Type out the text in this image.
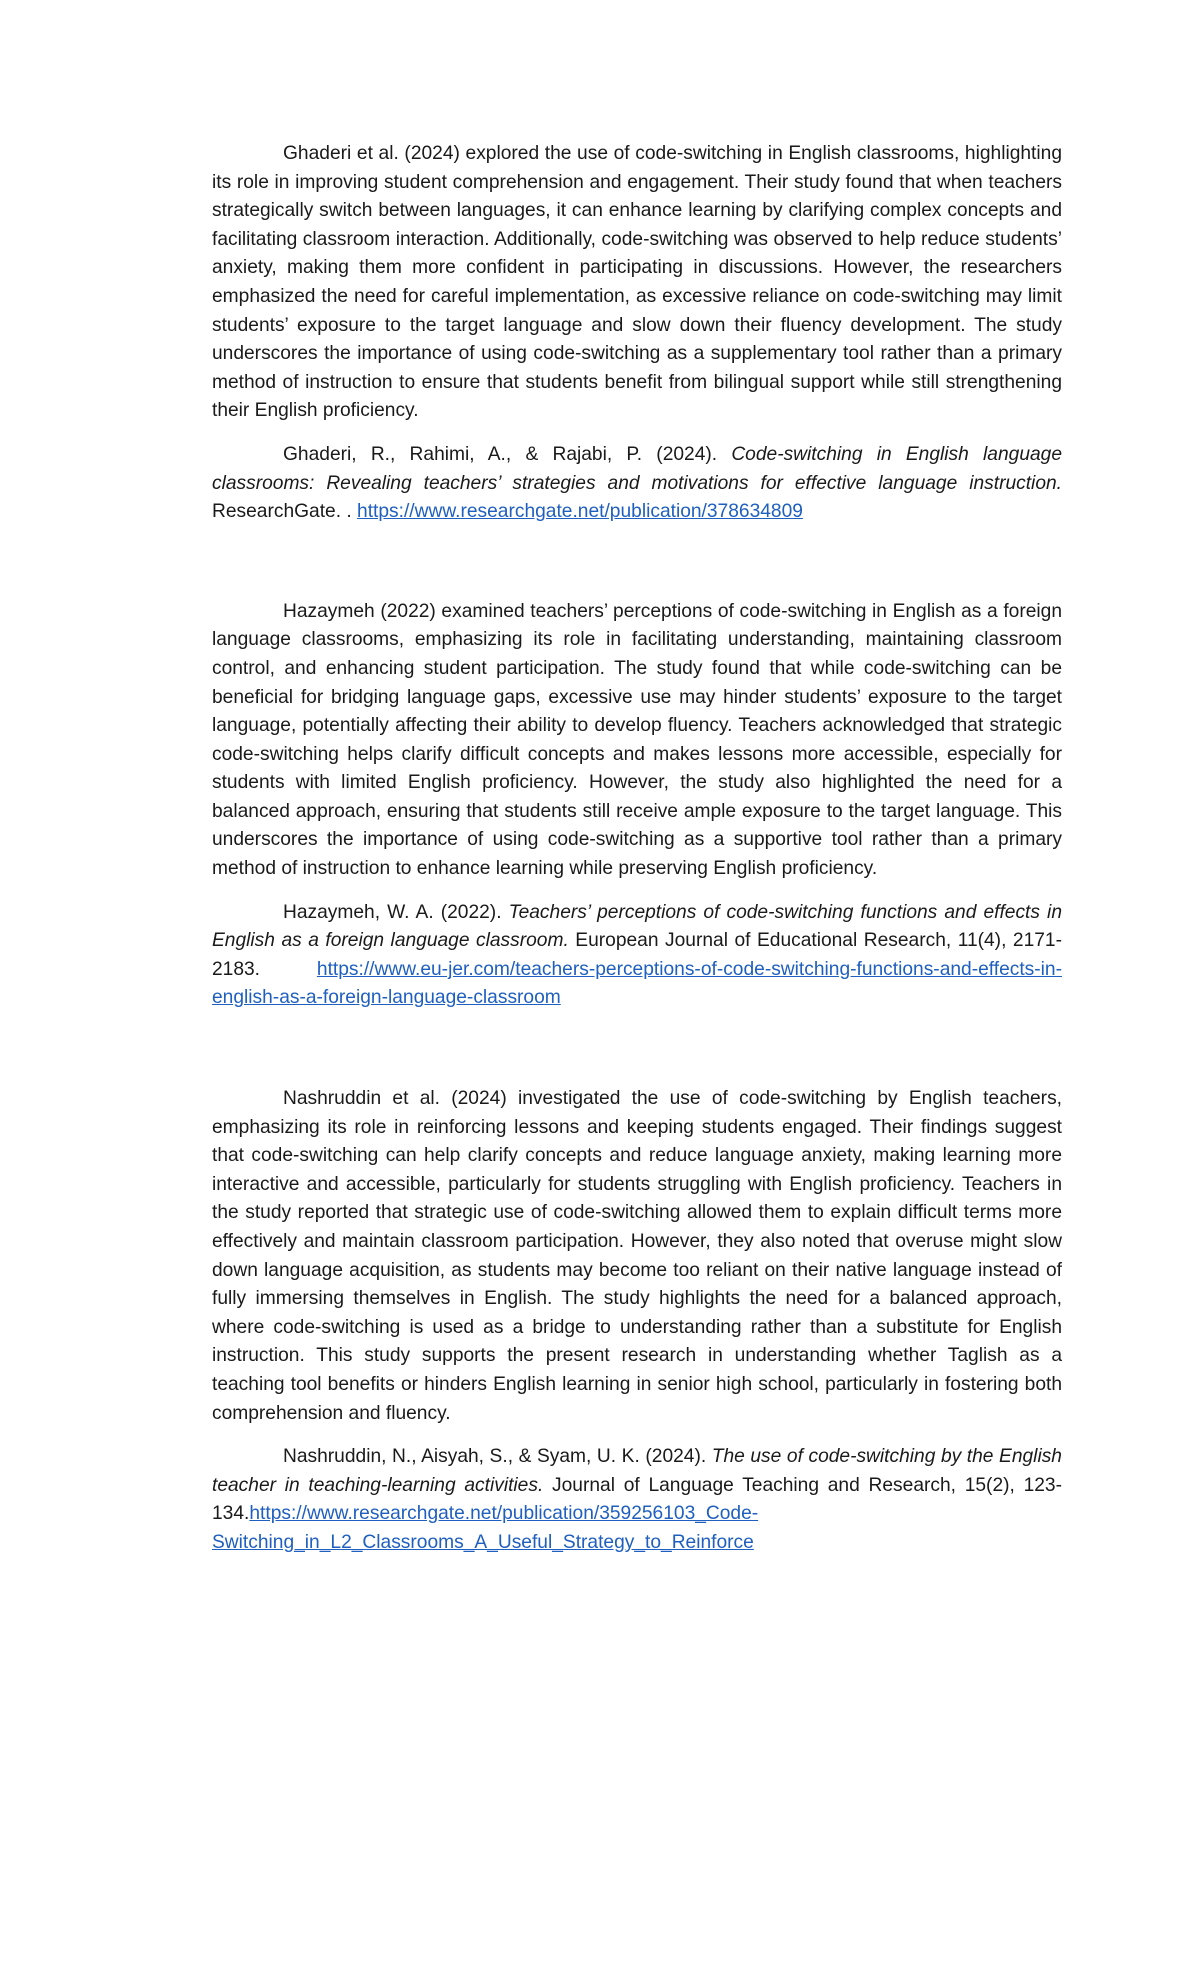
Ghaderi et al. (2024) explored the use of code-switching in English classrooms, highlighting its role in improving student comprehension and engagement. Their study found that when teachers strategically switch between languages, it can enhance learning by clarifying complex concepts and facilitating classroom interaction. Additionally, code-switching was observed to help reduce students’ anxiety, making them more confident in participating in discussions. However, the researchers emphasized the need for careful implementation, as excessive reliance on code-switching may limit students’ exposure to the target language and slow down their fluency development. The study underscores the importance of using code-switching as a supplementary tool rather than a primary method of instruction to ensure that students benefit from bilingual support while still strengthening their English proficiency.

Ghaderi, R., Rahimi, A., & Rajabi, P. (2024). Code-switching in English language classrooms: Revealing teachers’ strategies and motivations for effective language instruction. ResearchGate. . https://www.researchgate.net/publication/378634809

Hazaymeh (2022) examined teachers’ perceptions of code-switching in English as a foreign language classrooms, emphasizing its role in facilitating understanding, maintaining classroom control, and enhancing student participation. The study found that while code-switching can be beneficial for bridging language gaps, excessive use may hinder students’ exposure to the target language, potentially affecting their ability to develop fluency. Teachers acknowledged that strategic code-switching helps clarify difficult concepts and makes lessons more accessible, especially for students with limited English proficiency. However, the study also highlighted the need for a balanced approach, ensuring that students still receive ample exposure to the target language. This underscores the importance of using code-switching as a supportive tool rather than a primary method of instruction to enhance learning while preserving English proficiency.

Hazaymeh, W. A. (2022). Teachers’ perceptions of code-switching functions and effects in English as a foreign language classroom. European Journal of Educational Research, 11(4), 2171-2183. https://www.eu-jer.com/teachers-perceptions-of-code-switching-functions-and-effects-in-english-as-a-foreign-language-classroom

Nashruddin et al. (2024) investigated the use of code-switching by English teachers, emphasizing its role in reinforcing lessons and keeping students engaged. Their findings suggest that code-switching can help clarify concepts and reduce language anxiety, making learning more interactive and accessible, particularly for students struggling with English proficiency. Teachers in the study reported that strategic use of code-switching allowed them to explain difficult terms more effectively and maintain classroom participation. However, they also noted that overuse might slow down language acquisition, as students may become too reliant on their native language instead of fully immersing themselves in English. The study highlights the need for a balanced approach, where code-switching is used as a bridge to understanding rather than a substitute for English instruction. This study supports the present research in understanding whether Taglish as a teaching tool benefits or hinders English learning in senior high school, particularly in fostering both comprehension and fluency.

Nashruddin, N., Aisyah, S., & Syam, U. K. (2024). The use of code-switching by the English teacher in teaching-learning activities. Journal of Language Teaching and Research, 15(2), 123-134.https://www.researchgate.net/publication/359256103_Code-Switching_in_L2_Classrooms_A_Useful_Strategy_to_Reinforce
